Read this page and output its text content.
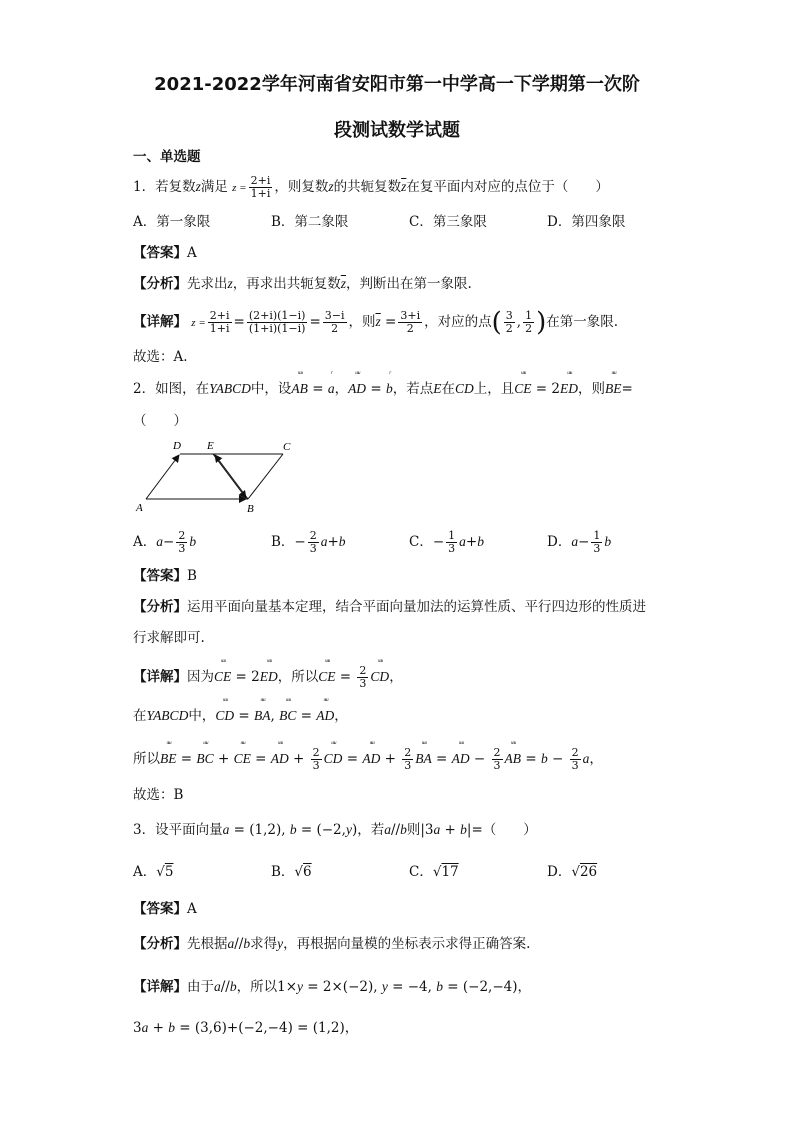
2021-2022学年河南省安阳市第一中学高一下学期第一次阶
段测试数学试题
一、单选题
1．若复数z满足 $z = \frac{2+i}{1+i}$ ，则复数z的共轭复数$\overline{z}$在复平面内对应的点位于（　　）
A．第一象限	B．第二象限	C．第三象限	D．第四象限
【答案】A
【分析】先求出z，再求出共轭复数$\overline{z}$，判断出在第一象限.
【详解】 $z = \frac{2+i}{1+i} = \frac{(2+i)(1-i)}{(1+i)(1-i)} = \frac{3-i}{2}$ ，则$\overline{z} = \frac{3+i}{2}$ ，对应的点( $\frac{3}{2}$ , $\frac{1}{2}$ )在第一象限.
故选：A.
2．如图，在YABCD中，设
ᵘᵘᵘ
AB =
ʳ
a，
ᵘᵘᵘ
AD =
ʳ
b，若点E在CD上，且
ᵘᵘᵘ
CE = 2
ᵘᵘᵘ
ED，则
ᵘᵘᵘ
BE=
（　　）
A	B
C
D E
A．$a- \frac{2}{3}$ b	B．− $\frac{2}{3} a+b$	C．− $\frac{1}{3} a+b$	D．$a- \frac{1}{3}$ b
【答案】B
【分析】运用平面向量基本定理，结合平面向量加法的运算性质、平行四边形的性质进
行求解即可.
【详解】因为
ᵘᵘᵘ
CE = 2
ᵘᵘᵘ
ED，所以
ᵘᵘᵘ
CE = $\frac{2}{3}$
ᵘᵘᵘ
CD，
在YABCD中，
ᵘᵘᵘ
CD =
ᵘᵘᵘ
BA,
ᵘᵘᵘ
BC =
ᵘᵘᵘ
AD，
所以
ᵘᵘᵘ
BE =
ᵘᵘᵘ
BC +
ᵘᵘᵘ
CE =
ᵘᵘᵘ
AD + $\frac{2}{3}$
ᵘᵘᵘ
CD =
ᵘᵘᵘ
AD + $\frac{2}{3}$
ᵘᵘᵘ
BA =
ᵘᵘᵘ
AD − $\frac{2}{3}$
ᵘᵘᵘ
AB = $b - \frac{2}{3}$ a，
故选：B
3．设平面向量a = (1,2), b = (−2,y)，若a//b则|3a + b|=（　　）
A．√5	B．√6	C．√17	D．√26
【答案】A
【分析】先根据a//b求得y，再根据向量模的坐标表示求得正确答案.
【详解】由于a//b，所以1×y = 2×(−2), y = −4, b = (−2,−4)，
3a + b = (3,6)+(−2,−4) = (1,2)，
